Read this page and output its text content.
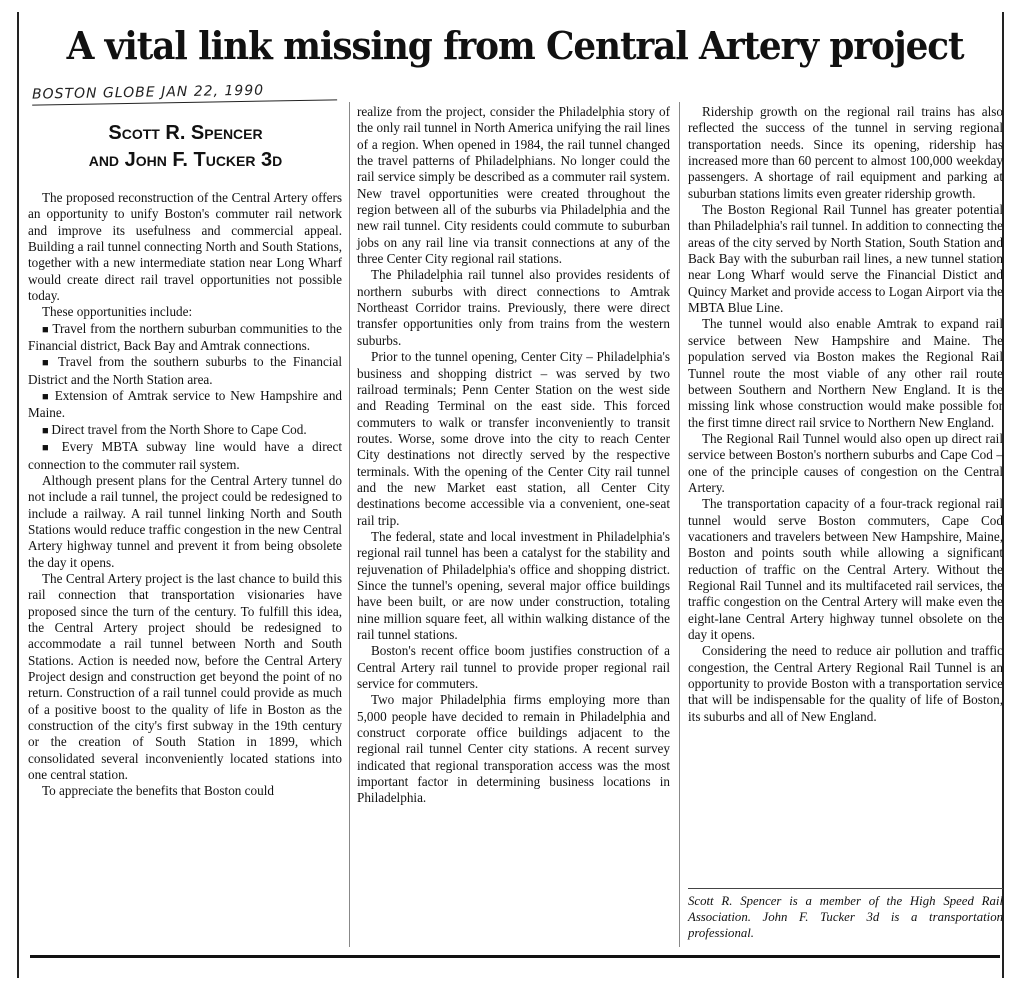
A vital link missing from Central Artery project
BOSTON GLOBE JAN 22, 1990
Scott R. Spencer
and John F. Tucker 3d

The proposed reconstruction of the Central Artery offers an opportunity to unify Boston's commuter rail network and improve its usefulness and commercial appeal. Building a rail tunnel connecting North and South Stations, together with a new intermediate station near Long Wharf would create direct rail travel opportunities not possible today.

These opportunities include:

■ Travel from the northern suburban communities to the Financial district, Back Bay and Amtrak connections.

■ Travel from the southern suburbs to the Financial District and the North Station area.

■ Extension of Amtrak service to New Hampshire and Maine.

■ Direct travel from the North Shore to Cape Cod.

■ Every MBTA subway line would have a direct connection to the commuter rail system.

Although present plans for the Central Artery tunnel do not include a rail tunnel, the project could be redesigned to include a railway. A rail tunnel linking North and South Stations would reduce traffic congestion in the new Central Artery highway tunnel and prevent it from being obsolete the day it opens.

The Central Artery project is the last chance to build this rail connection that transportation visionaries have proposed since the turn of the century. To fulfill this idea, the Central Artery project should be redesigned to accommodate a rail tunnel between North and South Stations. Action is needed now, before the Central Artery Project design and construction get beyond the point of no return. Construction of a rail tunnel could provide as much of a positive boost to the quality of life in Boston as the construction of the city's first subway in the 19th century or the creation of South Station in 1899, which consolidated several inconveniently located stations into one central station.

To appreciate the benefits that Boston could

realize from the project, consider the Philadelphia story of the only rail tunnel in North America unifying the rail lines of a region. When opened in 1984, the rail tunnel changed the travel patterns of Philadelphians. No longer could the rail service simply be described as a commuter rail system. New travel opportunities were created throughout the region between all of the suburbs via Philadelphia and the new rail tunnel. City residents could commute to suburban jobs on any rail line via transit connections at any of the three Center City regional rail stations.

The Philadelphia rail tunnel also provides residents of northern suburbs with direct connections to Amtrak Northeast Corridor trains. Previously, there were direct transfer opportunities only from trains from the western suburbs.

Prior to the tunnel opening, Center City – Philadelphia's business and shopping district – was served by two railroad terminals; Penn Center Station on the west side and Reading Terminal on the east side. This forced commuters to walk or transfer inconveniently to transit routes. Worse, some drove into the city to reach Center City destinations not directly served by the respective terminals. With the opening of the Center City rail tunnel and the new Market east station, all Center City destinations become accessible via a convenient, one-seat rail trip.

The federal, state and local investment in Philadelphia's regional rail tunnel has been a catalyst for the stability and rejuvenation of Philadelphia's office and shopping district. Since the tunnel's opening, several major office buildings have been built, or are now under construction, totaling nine million square feet, all within walking distance of the rail tunnel stations.

Boston's recent office boom justifies construction of a Central Artery rail tunnel to provide proper regional rail service for commuters.

Two major Philadelphia firms employing more than 5,000 people have decided to remain in Philadelphia and construct corporate office buildings adjacent to the regional rail tunnel Center city stations. A recent survey indicated that regional transporation access was the most important factor in determining business locations in Philadelphia.

Ridership growth on the regional rail trains has also reflected the success of the tunnel in serving regional transportation needs. Since its opening, ridership has increased more than 60 percent to almost 100,000 weekday passengers. A shortage of rail equipment and parking at suburban stations limits even greater ridership growth.

The Boston Regional Rail Tunnel has greater potential than Philadelphia's rail tunnel. In addition to connecting the areas of the city served by North Station, South Station and Back Bay with the suburban rail lines, a new tunnel station near Long Wharf would serve the Financial Distict and Quincy Market and provide access to Logan Airport via the MBTA Blue Line.

The tunnel would also enable Amtrak to expand rail service between New Hampshire and Maine. The population served via Boston makes the Regional Rail Tunnel route the most viable of any other rail route between Southern and Northern New England. It is the missing link whose construction would make possible for the first timne direct rail srvice to Northern New England.

The Regional Rail Tunnel would also open up direct rail service between Boston's northern suburbs and Cape Cod – one of the principle causes of congestion on the Central Artery.

The transportation capacity of a four-track regional rail tunnel would serve Boston commuters, Cape Cod vacationers and travelers between New Hampshire, Maine, Boston and points south while allowing a significant reduction of traffic on the Central Artery. Without the Regional Rail Tunnel and its multifaceted rail services, the traffic congestion on the Central Artery will make even the eight-lane Central Artery highway tunnel obsolete on the day it opens.

Considering the need to reduce air pollution and traffic congestion, the Central Artery Regional Rail Tunnel is an opportunity to provide Boston with a transportation service that will be indispensable for the quality of life of Boston, its suburbs and all of New England.

Scott R. Spencer is a member of the High Speed Rail Association. John F. Tucker 3d is a transportation professional.
